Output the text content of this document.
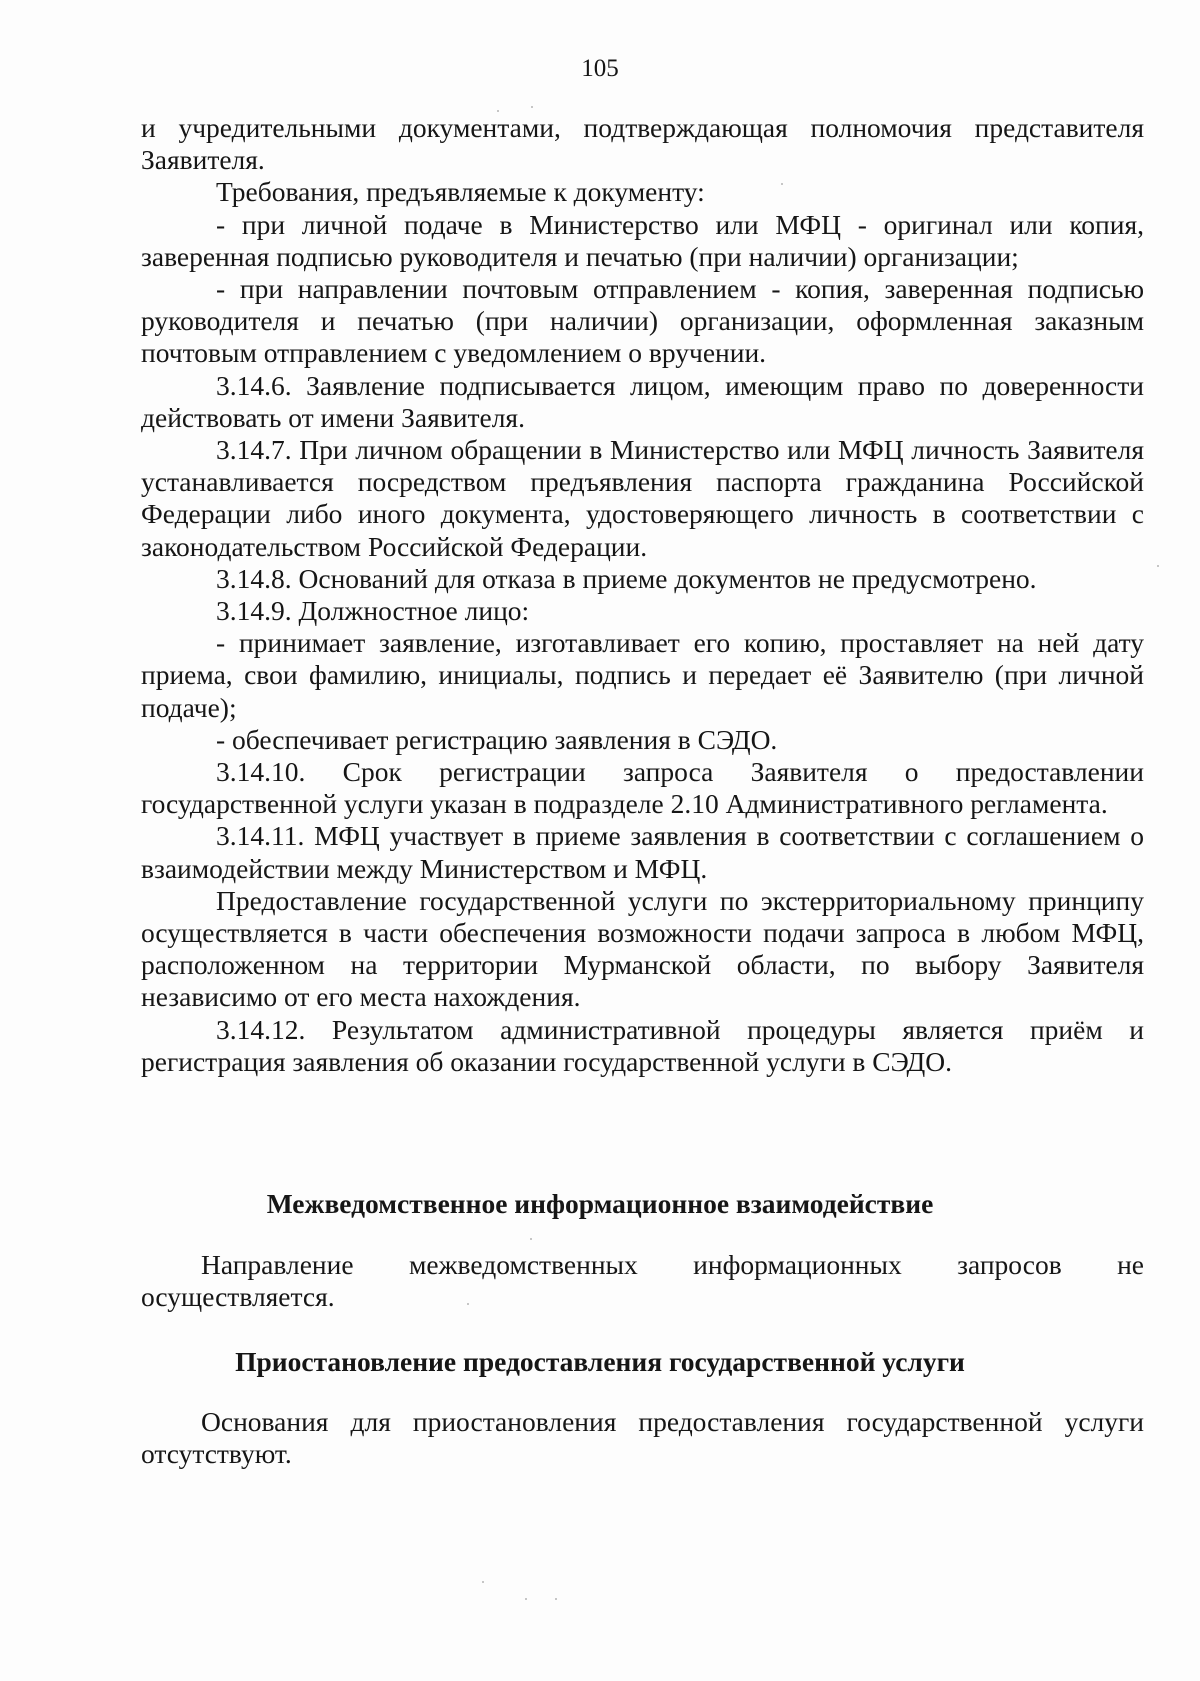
105

и учредительными документами, подтверждающая полномочия представителя Заявителя.

Требования, предъявляемые к документу:

- при личной подаче в Министерство или МФЦ - оригинал или копия, заверенная подписью руководителя и печатью (при наличии) организации;

- при направлении почтовым отправлением - копия, заверенная подписью руководителя и печатью (при наличии) организации, оформленная заказным почтовым отправлением с уведомлением о вручении.

3.14.6. Заявление подписывается лицом, имеющим право по доверенности действовать от имени Заявителя.

3.14.7. При личном обращении в Министерство или МФЦ личность Заявителя устанавливается посредством предъявления паспорта гражданина Российской Федерации либо иного документа, удостоверяющего личность в соответствии с законодательством Российской Федерации.

3.14.8. Оснований для отказа в приеме документов не предусмотрено.

3.14.9. Должностное лицо:

- принимает заявление, изготавливает его копию, проставляет на ней дату приема, свои фамилию, инициалы, подпись и передает её Заявителю (при личной подаче);

- обеспечивает регистрацию заявления в СЭДО.

3.14.10. Срок регистрации запроса Заявителя о предоставлении государственной услуги указан в подразделе 2.10 Административного регламента.

3.14.11. МФЦ участвует в приеме заявления в соответствии с соглашением о взаимодействии между Министерством и МФЦ.

Предоставление государственной услуги по экстерриториальному принципу осуществляется в части обеспечения возможности подачи запроса в любом МФЦ, расположенном на территории Мурманской области, по выбору Заявителя независимо от его места нахождения.

3.14.12. Результатом административной процедуры является приём и регистрация заявления об оказании государственной услуги в СЭДО.

Межведомственное информационное взаимодействие

Направление межведомственных информационных запросов не осуществляется.

Приостановление предоставления государственной услуги

Основания для приостановления предоставления государственной услуги отсутствуют.
